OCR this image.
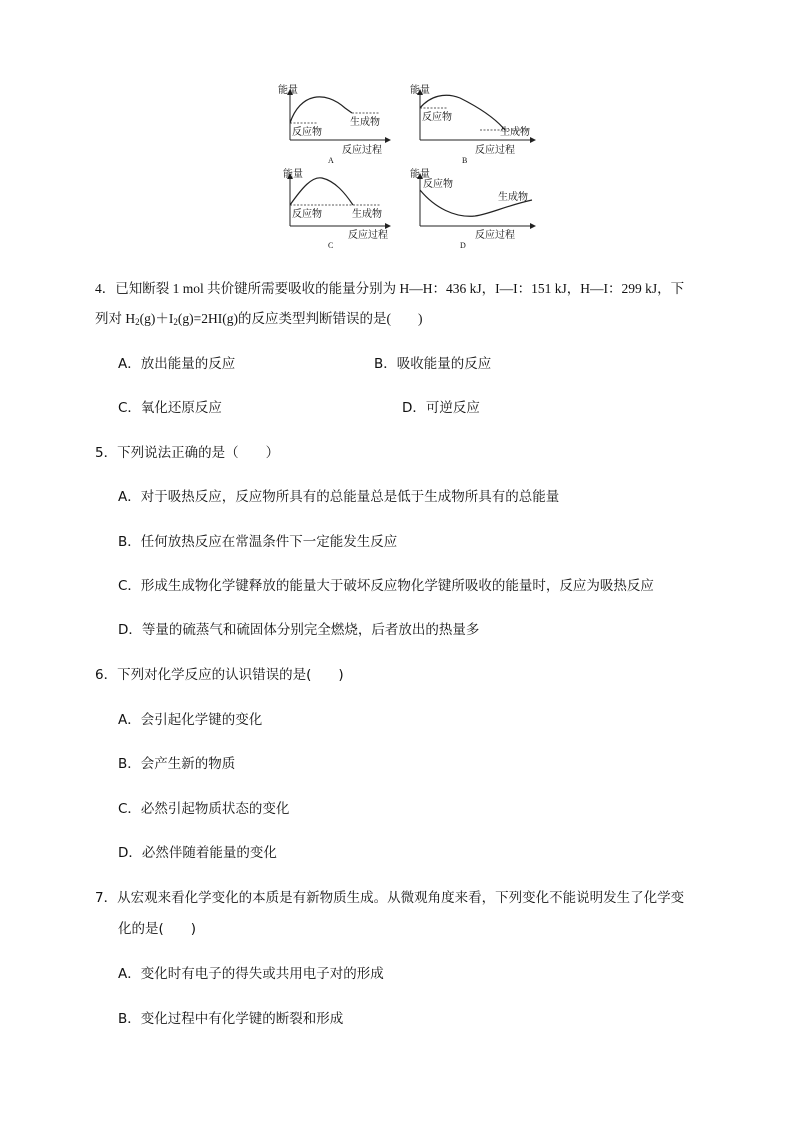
能量
反应物
生成物
反应过程
A
能量
反应物
生成物
反应过程
B
能量
反应物	生成物
反应过程
C
能量
反应物
生成物
反应过程
D
4．已知断裂 1 mol 共价键所需要吸收的能量分别为 H—H：436 kJ，I—I：151 kJ，H—I：299 kJ，下
列对 $H_2(g)+I_2(g)=2HI(g)$的反应类型判断错误的是(　　)
A．放出能量的反应	B．吸收能量的反应
C．氧化还原反应	D．可逆反应
5．下列说法正确的是（　　）
A．对于吸热反应，反应物所具有的总能量总是低于生成物所具有的总能量
B．任何放热反应在常温条件下一定能发生反应
C．形成生成物化学键释放的能量大于破坏反应物化学键所吸收的能量时，反应为吸热反应
D．等量的硫蒸气和硫固体分别完全燃烧，后者放出的热量多
6．下列对化学反应的认识错误的是(　　)
A．会引起化学键的变化
B．会产生新的物质
C．必然引起物质状态的变化
D．必然伴随着能量的变化
7．从宏观来看化学变化的本质是有新物质生成。从微观角度来看，下列变化不能说明发生了化学变
化的是(　　)
A．变化时有电子的得失或共用电子对的形成
B．变化过程中有化学键的断裂和形成
